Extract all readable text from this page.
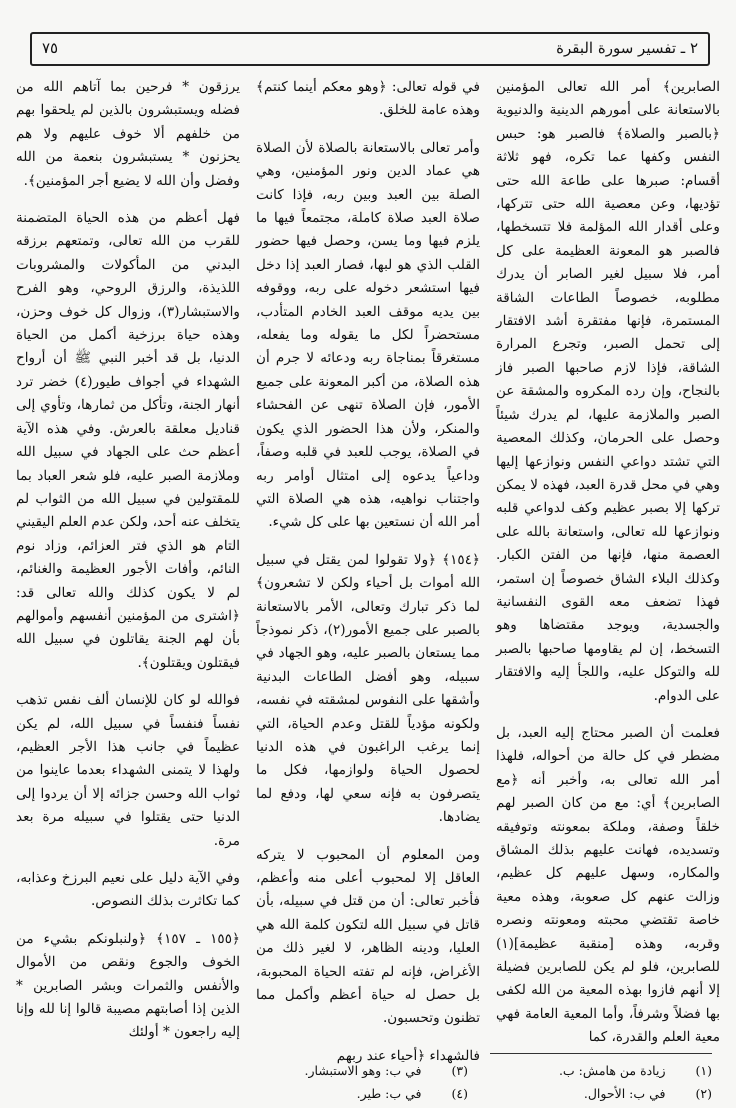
٧٥	٢ ـ تفسير سورة البقرة

الصابرين﴾ أمر الله تعالى المؤمنين بالاستعانة على أمورهم الدينية والدنيوية ﴿بالصبر والصلاة﴾ فالصبر هو: حبس النفس وكفها عما تكره، فهو ثلاثة أقسام: صبرها على طاعة الله حتى تؤديها، وعن معصية الله حتى تتركها، وعلى أقدار الله المؤلمة فلا تتسخطها، فالصبر هو المعونة العظيمة على كل أمر، فلا سبيل لغير الصابر أن يدرك مطلوبه، خصوصاً الطاعات الشاقة المستمرة، فإنها مفتقرة أشد الافتقار إلى تحمل الصبر، وتجرع المرارة الشاقة، فإذا لازم صاحبها الصبر فاز بالنجاح، وإن رده المكروه والمشقة عن الصبر والملازمة عليها، لم يدرك شيئاً وحصل على الحرمان، وكذلك المعصية التي تشتد دواعي النفس ونوازعها إليها وهي في محل قدرة العبد، فهذه لا يمكن تركها إلا بصبر عظيم وكف لدواعي قلبه ونوازعها لله تعالى، واستعانة بالله على العصمة منها، فإنها من الفتن الكبار. وكذلك البلاء الشاق خصوصاً إن استمر، فهذا تضعف معه القوى النفسانية والجسدية، ويوجد مقتضاها وهو التسخط، إن لم يقاومها صاحبها بالصبر لله والتوكل عليه، واللجأ إليه والافتقار على الدوام.

فعلمت أن الصبر محتاج إليه العبد، بل مضطر في كل حالة من أحواله، فلهذا أمر الله تعالى به، وأخبر أنه ﴿مع الصابرين﴾ أي: مع من كان الصبر لهم خلقاً وصفة، وملكة بمعونته وتوفيقه وتسديده، فهانت عليهم بذلك المشاق والمكاره، وسهل عليهم كل عظيم، وزالت عنهم كل صعوبة، وهذه معية خاصة تقتضي محبته ومعونته ونصره وقربه، وهذه [منقبة عظيمة](١) للصابرين، فلو لم يكن للصابرين فضيلة إلا أنهم فازوا بهذه المعية من الله لكفى بها فضلاً وشرفاً، وأما المعية العامة فهي معية العلم والقدرة، كما

في قوله تعالى: ﴿وهو معكم أينما كنتم﴾ وهذه عامة للخلق.

وأمر تعالى بالاستعانة بالصلاة لأن الصلاة هي عماد الدين ونور المؤمنين، وهي الصلة بين العبد وبين ربه، فإذا كانت صلاة العبد صلاة كاملة، مجتمعاً فيها ما يلزم فيها وما يسن، وحصل فيها حضور القلب الذي هو لبها، فصار العبد إذا دخل فيها استشعر دخوله على ربه، ووقوفه بين يديه موقف العبد الخادم المتأدب، مستحضراً لكل ما يقوله وما يفعله، مستغرقاً بمناجاة ربه ودعائه لا جرم أن هذه الصلاة، من أكبر المعونة على جميع الأمور، فإن الصلاة تنهى عن الفحشاء والمنكر، ولأن هذا الحضور الذي يكون في الصلاة، يوجب للعبد في قلبه وصفاً، وداعياً يدعوه إلى امتثال أوامر ربه واجتناب نواهيه، هذه هي الصلاة التي أمر الله أن نستعين بها على كل شيء.

﴿١٥٤﴾ ﴿ولا تقولوا لمن يقتل في سبيل الله أموات بل أحياء ولكن لا تشعرون﴾ لما ذكر تبارك وتعالى، الأمر بالاستعانة بالصبر على جميع الأمور(٢)، ذكر نموذجاً مما يستعان بالصبر عليه، وهو الجهاد في سبيله، وهو أفضل الطاعات البدنية وأشقها على النفوس لمشقته في نفسه، ولكونه مؤدياً للقتل وعدم الحياة، التي إنما يرغب الراغبون في هذه الدنيا لحصول الحياة ولوازمها، فكل ما يتصرفون به فإنه سعي لها، ودفع لما يضادها.

ومن المعلوم أن المحبوب لا يتركه العاقل إلا لمحبوب أعلى منه وأعظم، فأخبر تعالى: أن من قتل في سبيله، بأن قاتل في سبيل الله لتكون كلمة الله هي العليا، ودينه الظاهر، لا لغير ذلك من الأغراض، فإنه لم تفته الحياة المحبوبة، بل حصل له حياة أعظم وأكمل مما تظنون وتحسبون.

فالشهداء ﴿أحياء عند ربهم

يرزقون * فرحين بما آتاهم الله من فضله ويستبشرون بالذين لم يلحقوا بهم من خلفهم ألا خوف عليهم ولا هم يحزنون * يستبشرون بنعمة من الله وفضل وأن الله لا يضيع أجر المؤمنين﴾.

فهل أعظم من هذه الحياة المتضمنة للقرب من الله تعالى، وتمتعهم برزقه البدني من المأكولات والمشروبات اللذيذة، والرزق الروحي، وهو الفرح والاستبشار(٣)، وزوال كل خوف وحزن، وهذه حياة برزخية أكمل من الحياة الدنيا، بل قد أخبر النبي ﷺ أن أرواح الشهداء في أجواف طيور(٤) خضر ترد أنهار الجنة، وتأكل من ثمارها، وتأوي إلى قناديل معلقة بالعرش. وفي هذه الآية أعظم حث على الجهاد في سبيل الله وملازمة الصبر عليه، فلو شعر العباد بما للمقتولين في سبيل الله من الثواب لم يتخلف عنه أحد، ولكن عدم العلم اليقيني التام هو الذي فتر العزائم، وزاد نوم النائم، وأفات الأجور العظيمة والغنائم، لم لا يكون كذلك والله تعالى قد: ﴿اشترى من المؤمنين أنفسهم وأموالهم بأن لهم الجنة يقاتلون في سبيل الله فيقتلون ويقتلون﴾.

فوالله لو كان للإنسان ألف نفس تذهب نفساً فنفساً في سبيل الله، لم يكن عظيماً في جانب هذا الأجر العظيم، ولهذا لا يتمنى الشهداء بعدما عاينوا من ثواب الله وحسن جزائه إلا أن يردوا إلى الدنيا حتى يقتلوا في سبيله مرة بعد مرة.

وفي الآية دليل على نعيم البرزخ وعذابه، كما تكاثرت بذلك النصوص.

﴿١٥٥ ـ ١٥٧﴾ ﴿ولنبلونكم بشيء من الخوف والجوع ونقص من الأموال والأنفس والثمرات وبشر الصابرين * الذين إذا أصابتهم مصيبة قالوا إنا لله وإنا إليه راجعون * أولئك

(١) زيادة من هامش: ب.
(٢) في ب: الأحوال.
(٣) في ب: وهو الاستبشار.
(٤) في ب: طير.
